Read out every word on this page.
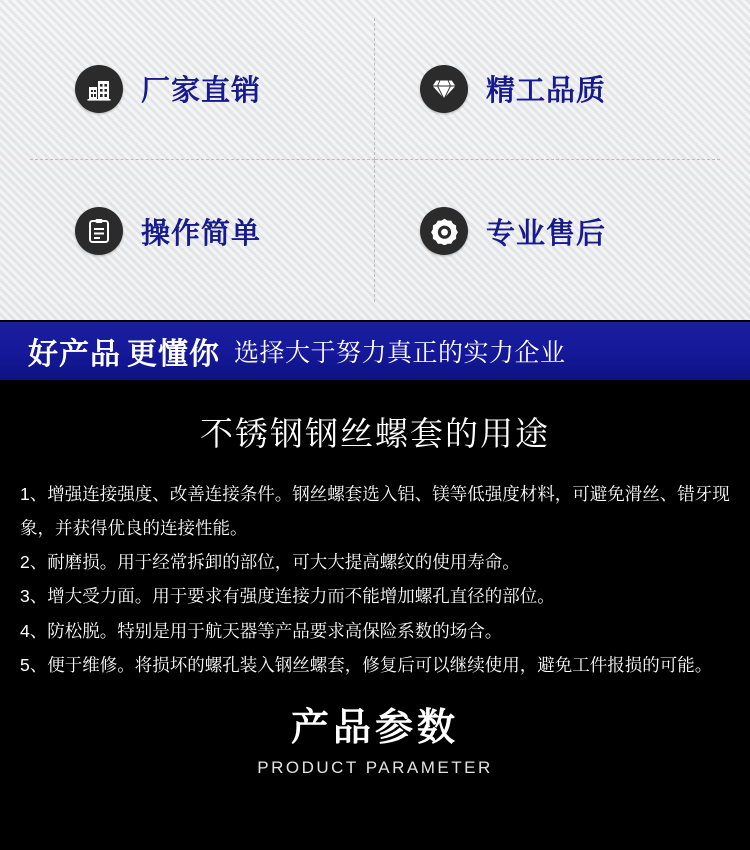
厂家直销	精工品质
操作简单	专业售后
好产品 更懂你 选择大于努力真正的实力企业
不锈钢钢丝螺套的用途

1、增强连接强度、改善连接条件。钢丝螺套选入铝、镁等低强度材料，可避免滑丝、错牙现象，并获得优良的连接性能。

2、耐磨损。用于经常拆卸的部位，可大大提高螺纹的使用寿命。

3、增大受力面。用于要求有强度连接力而不能增加螺孔直径的部位。

4、防松脱。特别是用于航天器等产品要求高保险系数的场合。

5、便于维修。将损坏的螺孔装入钢丝螺套，修复后可以继续使用，避免工件报损的可能。

产品参数
PRODUCT PARAMETER
